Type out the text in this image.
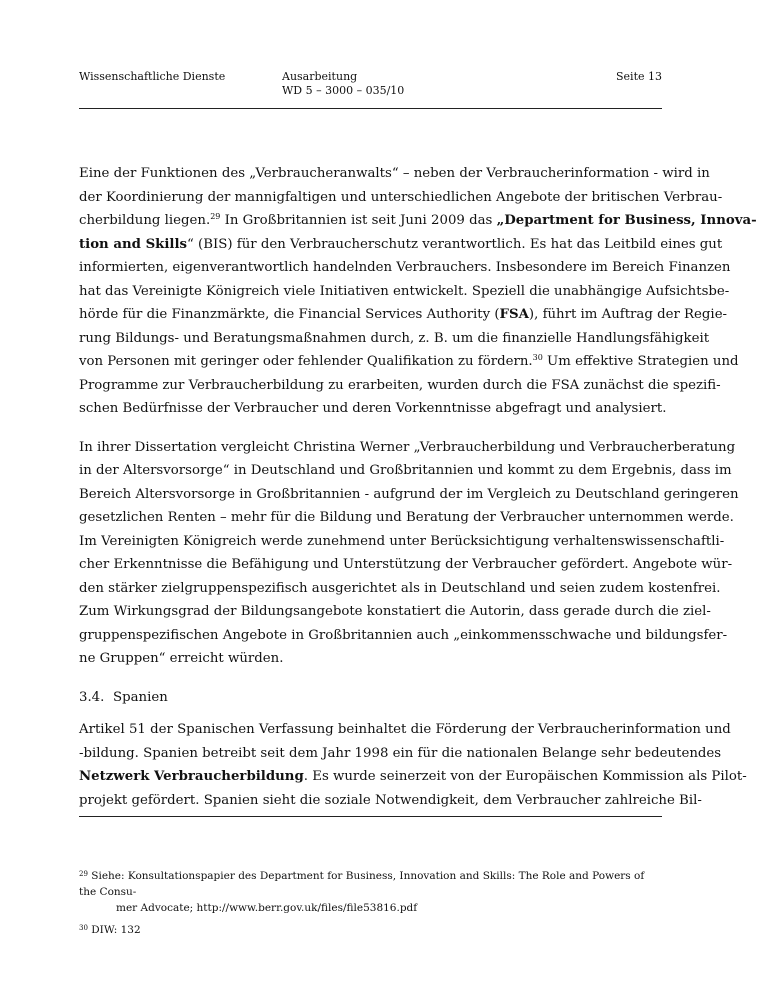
Wissenschaftliche Dienste	Ausarbeitung
WD 5 – 3000 – 035/10
Seite 13
Eine der Funktionen des „Verbraucheranwalts“ – neben der Verbraucherinformation - wird in
der Koordinierung der mannigfaltigen und unterschiedlichen Angebote der britischen Verbrau-
cherbildung liegen.$^{29}$ In Großbritannien ist seit Juni 2009 das „Department for Business, Innova-
tion and Skills“ (BIS) für den Verbraucherschutz verantwortlich. Es hat das Leitbild eines gut
informierten, eigenverantwortlich handelnden Verbrauchers. Insbesondere im Bereich Finanzen
hat das Vereinigte Königreich viele Initiativen entwickelt. Speziell die unabhängige Aufsichtsbe-
hörde für die Finanzmärkte, die Financial Services Authority (FSA), führt im Auftrag der Regie-
rung Bildungs- und Beratungsmaßnahmen durch, z. B. um die finanzielle Handlungsfähigkeit
von Personen mit geringer oder fehlender Qualifikation zu fördern.$^{30}$ Um effektive Strategien und
Programme zur Verbraucherbildung zu erarbeiten, wurden durch die FSA zunächst die spezifi-
schen Bedürfnisse der Verbraucher und deren Vorkenntnisse abgefragt und analysiert.
In ihrer Dissertation vergleicht Christina Werner „Verbraucherbildung und Verbraucherberatung
in der Altersvorsorge“ in Deutschland und Großbritannien und kommt zu dem Ergebnis, dass im
Bereich Altersvorsorge in Großbritannien - aufgrund der im Vergleich zu Deutschland geringeren
gesetzlichen Renten – mehr für die Bildung und Beratung der Verbraucher unternommen werde.
Im Vereinigten Königreich werde zunehmend unter Berücksichtigung verhaltenswissenschaftli-
cher Erkenntnisse die Befähigung und Unterstützung der Verbraucher gefördert. Angebote wür-
den stärker zielgruppenspezifisch ausgerichtet als in Deutschland und seien zudem kostenfrei.
Zum Wirkungsgrad der Bildungsangebote konstatiert die Autorin, dass gerade durch die ziel-
gruppenspezifischen Angebote in Großbritannien auch „einkommensschwache und bildungsfer-
ne Gruppen“ erreicht würden.
3.4. Spanien
Artikel 51 der Spanischen Verfassung beinhaltet die Förderung der Verbraucherinformation und
-bildung. Spanien betreibt seit dem Jahr 1998 ein für die nationalen Belange sehr bedeutendes
Netzwerk Verbraucherbildung. Es wurde seinerzeit von der Europäischen Kommission als Pilot-
projekt gefördert. Spanien sieht die soziale Notwendigkeit, dem Verbraucher zahlreiche Bil-
$^{29}$ Siehe: Konsultationspapier des Department for Business, Innovation and Skills: The Role and Powers of the Consu-
mer Advocate; http://www.berr.gov.uk/files/file53816.pdf
$^{30}$ DIW: 132
